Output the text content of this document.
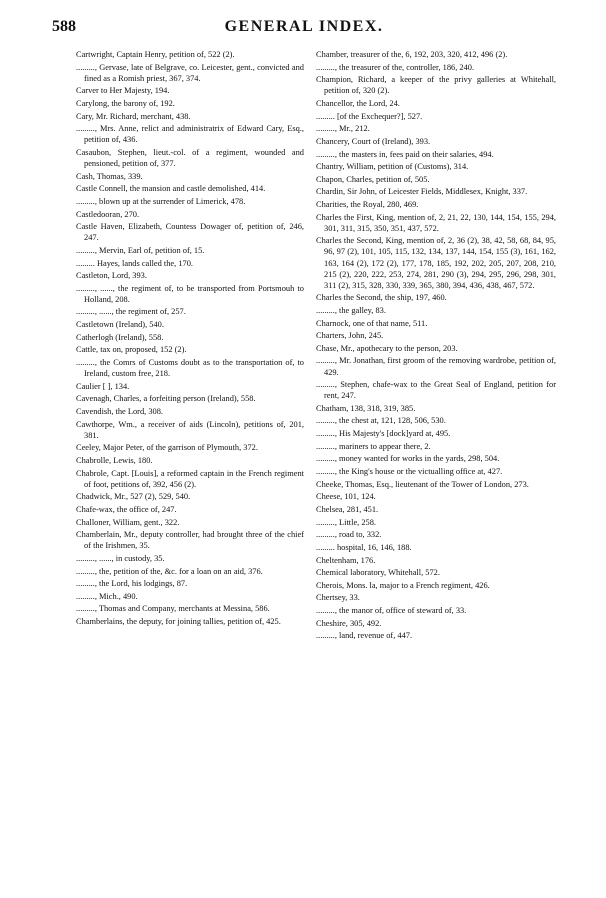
588	GENERAL INDEX.

Cartwright, Captain Henry, petition of, 522 (2).

........., Gervase, late of Belgrave, co. Leicester, gent., convicted and fined as a Romish priest, 367, 374.

Carver to Her Majesty, 194.

Carylong, the barony of, 192.

Cary, Mr. Richard, merchant, 438.

........., Mrs. Anne, relict and administratrix of Edward Cary, Esq., petition of, 436.

Casaubon, Stephen, lieut.-col. of a regiment, wounded and pensioned, petition of, 377.

Cash, Thomas, 339.

Castle Connell, the mansion and castle demolished, 414.

........., blown up at the surrender of Limerick, 478.

Castledooran, 270.

Castle Haven, Elizabeth, Countess Dowager of, petition of, 246, 247.

........., Mervin, Earl of, petition of, 15.

......... Hayes, lands called the, 170.

Castleton, Lord, 393.

........., ......, the regiment of, to be transported from Portsmouh to Holland, 208.

........., ......, the regiment of, 257.

Castletown (Ireland), 540.

Catherlogh (Ireland), 558.

Cattle, tax on, proposed, 152 (2).

........., the Comrs of Customs doubt as to the transportation of, to Ireland, custom free, 218.

Caulier [ ], 134.

Cavenagh, Charles, a forfeiting person (Ireland), 558.

Cavendish, the Lord, 308.

Cawthorpe, Wm., a receiver of aids (Lincoln), petitions of, 201, 381.

Ceeley, Major Peter, of the garrison of Plymouth, 372.

Chabrolle, Lewis, 180.

Chabrole, Capt. [Louis], a reformed captain in the French regiment of foot, petitions of, 392, 456 (2).

Chadwick, Mr., 527 (2), 529, 540.

Chafe-wax, the office of, 247.

Challoner, William, gent., 322.

Chamberlain, Mr., deputy controller, had brought three of the chief of the Irishmen, 35.

........., ......, in custody, 35.

........., the, petition of the, &c. for a loan on an aid, 376.

........., the Lord, his lodgings, 87.

........., Mich., 490.

........., Thomas and Company, merchants at Messina, 586.

Chamberlains, the deputy, for joining tallies, petition of, 425.

Chamber, treasurer of the, 6, 192, 203, 320, 412, 496 (2).

........., the treasurer of the, controller, 186, 240.

Champion, Richard, a keeper of the privy galleries at Whitehall, petition of, 320 (2).

Chancellor, the Lord, 24.

......... [of the Exchequer?], 527.

........., Mr., 212.

Chancery, Court of (Ireland), 393.

........., the masters in, fees paid on their salaries, 494.

Chantry, William, petition of (Customs), 314.

Chapon, Charles, petition of, 505.

Chardin, Sir John, of Leicester Fields, Middlesex, Knight, 337.

Charities, the Royal, 280, 469.

Charles the First, King, mention of, 2, 21, 22, 130, 144, 154, 155, 294, 301, 311, 315, 350, 351, 437, 572.

Charles the Second, King, mention of, 2, 36 (2), 38, 42, 58, 68, 84, 95, 96, 97 (2), 101, 105, 115, 132, 134, 137, 144, 154, 155 (3), 161, 162, 163, 164 (2), 172 (2), 177, 178, 185, 192, 202, 205, 207, 208, 210, 215 (2), 220, 222, 253, 274, 281, 290 (3), 294, 295, 296, 298, 301, 311 (2), 315, 328, 330, 339, 365, 380, 394, 436, 438, 467, 572.

Charles the Second, the ship, 197, 460.

........., the galley, 83.

Charnock, one of that name, 511.

Charters, John, 245.

Chase, Mr., apothecary to the person, 203.

........., Mr. Jonathan, first groom of the removing wardrobe, petition of, 429.

........., Stephen, chafe-wax to the Great Seal of England, petition for rent, 247.

Chatham, 138, 318, 319, 385.

........., the chest at, 121, 128, 506, 530.

........., His Majesty's [dock]yard at, 495.

........., mariners to appear there, 2.

........., money wanted for works in the yards, 298, 504.

........., the King's house or the victualling office at, 427.

Cheeke, Thomas, Esq., lieutenant of the Tower of London, 273.

Cheese, 101, 124.

Chelsea, 281, 451.

........., Little, 258.

........., road to, 332.

......... hospital, 16, 146, 188.

Cheltenham, 176.

Chemical laboratory, Whitehall, 572.

Cherois, Mons. la, major to a French regiment, 426.

Chertsey, 33.

........., the manor of, office of steward of, 33.

Cheshire, 305, 492.

........., land, revenue of, 447.
